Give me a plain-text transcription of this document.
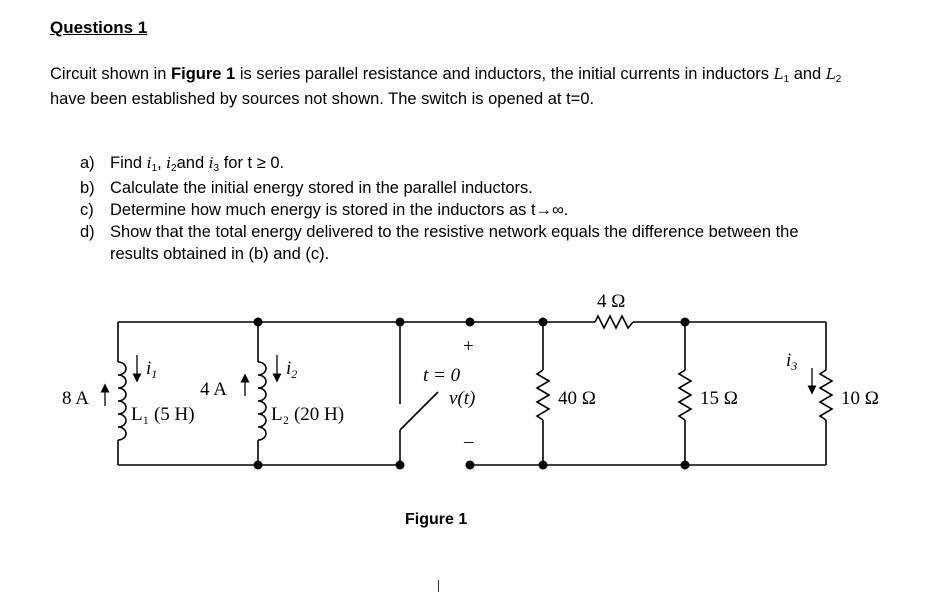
Questions 1
Circuit shown in Figure 1 is series parallel resistance and inductors, the initial currents in inductors L1 and L2 have been established by sources not shown. The switch is opened at t=0.
a) Find i1, i2and i3 for t ≥ 0.
b) Calculate the initial energy stored in the parallel inductors.
c) Determine how much energy is stored in the inductors as t→∞.
d) Show that the total energy delivered to the resistive network equals the difference between the results obtained in (b) and (c).
8 A
$i_1$
L₁ (5 H)
4 A
$i_2$
L₂ (20 H)
t = 0
+
v(t)
–
4 Ω
40 Ω	15 Ω
$i_3$
10 Ω
Figure 1
